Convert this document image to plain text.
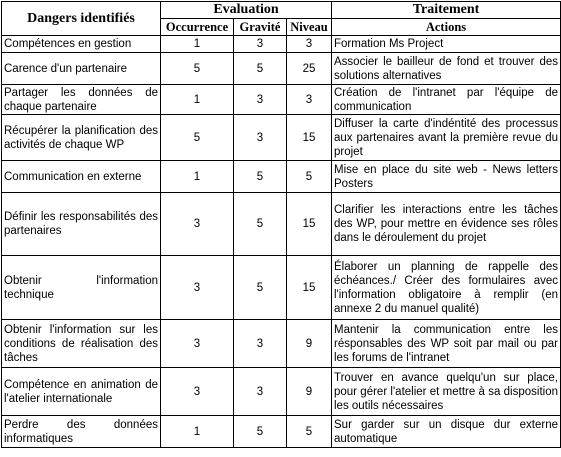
Dangers identifiés	Evaluation			Traitement
	Occurrence	Gravité	Niveau	Actions
Compétences en gestion	1	3	3	Formation Ms Project
Carence d'un partenaire	5	5	25	Associer le bailleur de fond et trouver des solutions alternatives
Partager les données de chaque partenaire	1	3	3	Création de l'intranet par l'équipe de communication
Récupérer la planification des activités de chaque WP	5	3	15	Diffuser la carte d'indéntité des processus aux partenaires avant la première revue du projet
Communication en externe	1	5	5	Mise en place du site web - News letters Posters
Définir les responsabilités des partenaires	3	5	15	Clarifier les interactions entre les tâches des WP, pour mettre en évidence ses rôles dans le déroulement du projet
Obtenir l'information technique	3	5	15	Élaborer un planning de rappelle des échéances./ Créer des formulaires avec l'information obligatoire à remplir (en annexe 2 du manuel qualité)
Obtenir l'information sur les conditions de réalisation des tâches	3	3	9	Mantenir la communication entre les résponsables des WP soit par mail ou par les forums de l'intranet
Compétence en animation de l'atelier internationale	3	3	9	Trouver en avance quelqu'un sur place, pour gérer l'atelier et mettre à sa disposition les outils nécessaires
Perdre des données informatiques	1	5	5	Sur garder sur un disque dur externe automatique
